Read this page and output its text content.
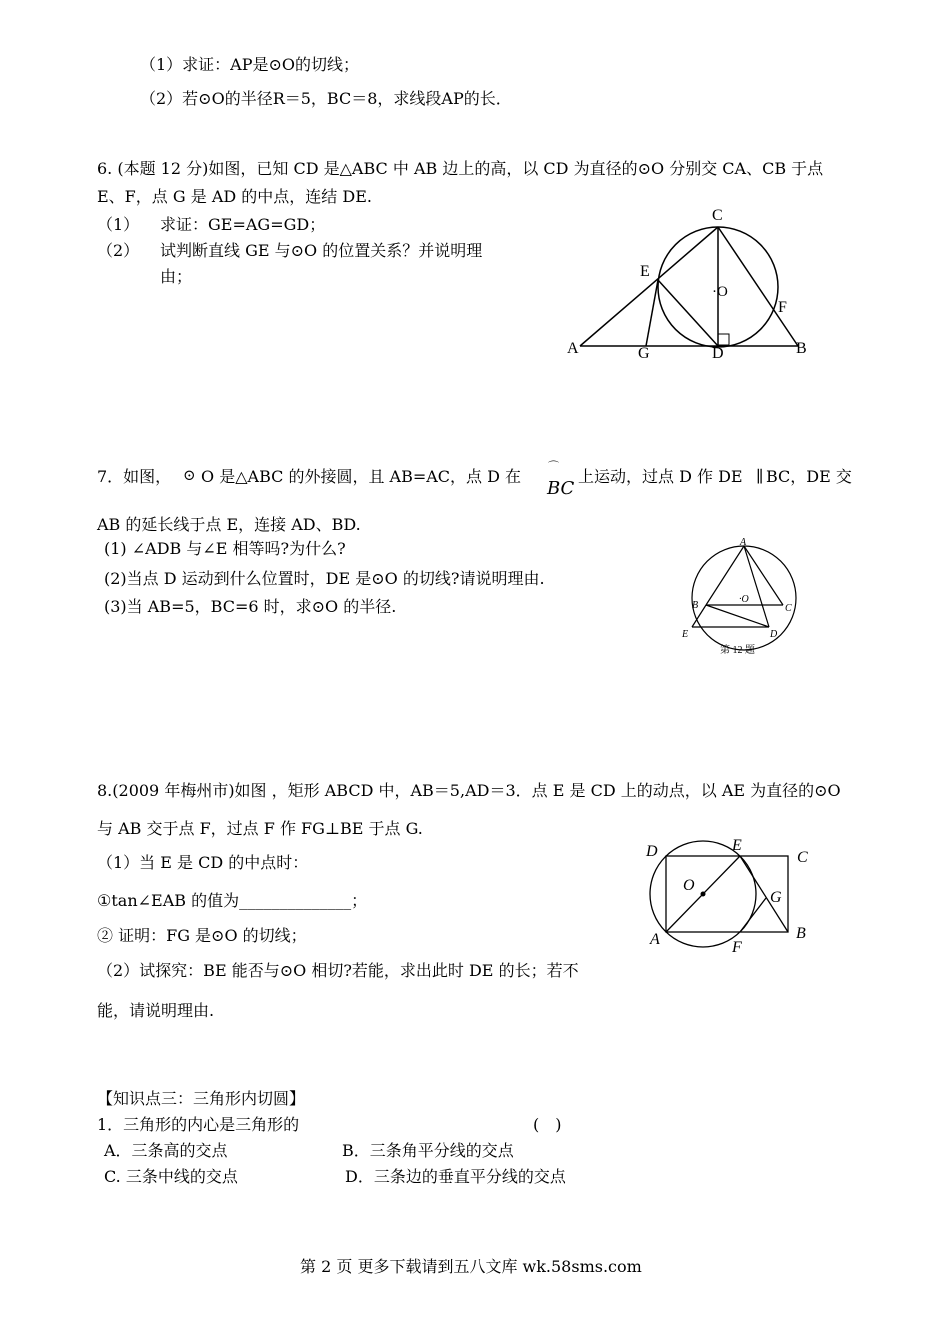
（1）求证：AP是⊙O的切线；
（2）若⊙O的半径R＝5，BC＝8，求线段AP的长．
6. (本题 12 分)如图，已知 CD 是△ABC 中 AB 边上的高，以 CD 为直径的⊙O 分别交 CA、CB 于点
E、F，点 G 是 AD 的中点，连结 DE.
（1） 求证：GE=AG=GD；
（2） 试判断直线 GE 与⊙O 的位置关系？并说明理
由；
C
E
·O
F
A	G	D	B
7．如图， ⊙ O 是△ABC 的外接圆，且 AB=AC，点 D 在
⌒
BC
上运动，过点 D 作 DE ∥ BC，DE 交
AB 的延长线于点 E，连接 AD、BD.
(1) ∠ADB 与∠E 相等吗?为什么?
(2)当点 D 运动到什么位置时，DE 是⊙O 的切线?请说明理由.
(3)当 AB=5，BC=6 时，求⊙O 的半径.
A
B	C
·O
E	D
第 12 题
8.(2009 年梅州市)如图 ，矩形 ABCD 中，AB＝5,AD＝3．点 E 是 CD 上的动点，以 AE 为直径的⊙O
与 AB 交于点 F，过点 F 作 FG⊥BE 于点 G.
（1）当 E 是 CD 的中点时：
①tan∠EAB 的值为______________；
② 证明：FG 是⊙O 的切线；
（2）试探究：BE 能否与⊙O 相切?若能，求出此时 DE 的长；若不
能，请说明理由.
D	E
C
O
G
A	F
B
【知识点三：三角形内切圆】
1．三角形的内心是三角形的	(　)
A．三条高的交点	B．三条角平分线的交点
C. 三条中线的交点	D．三条边的垂直平分线的交点
第 2 页 更多下载请到五八文库 wk.58sms.com
